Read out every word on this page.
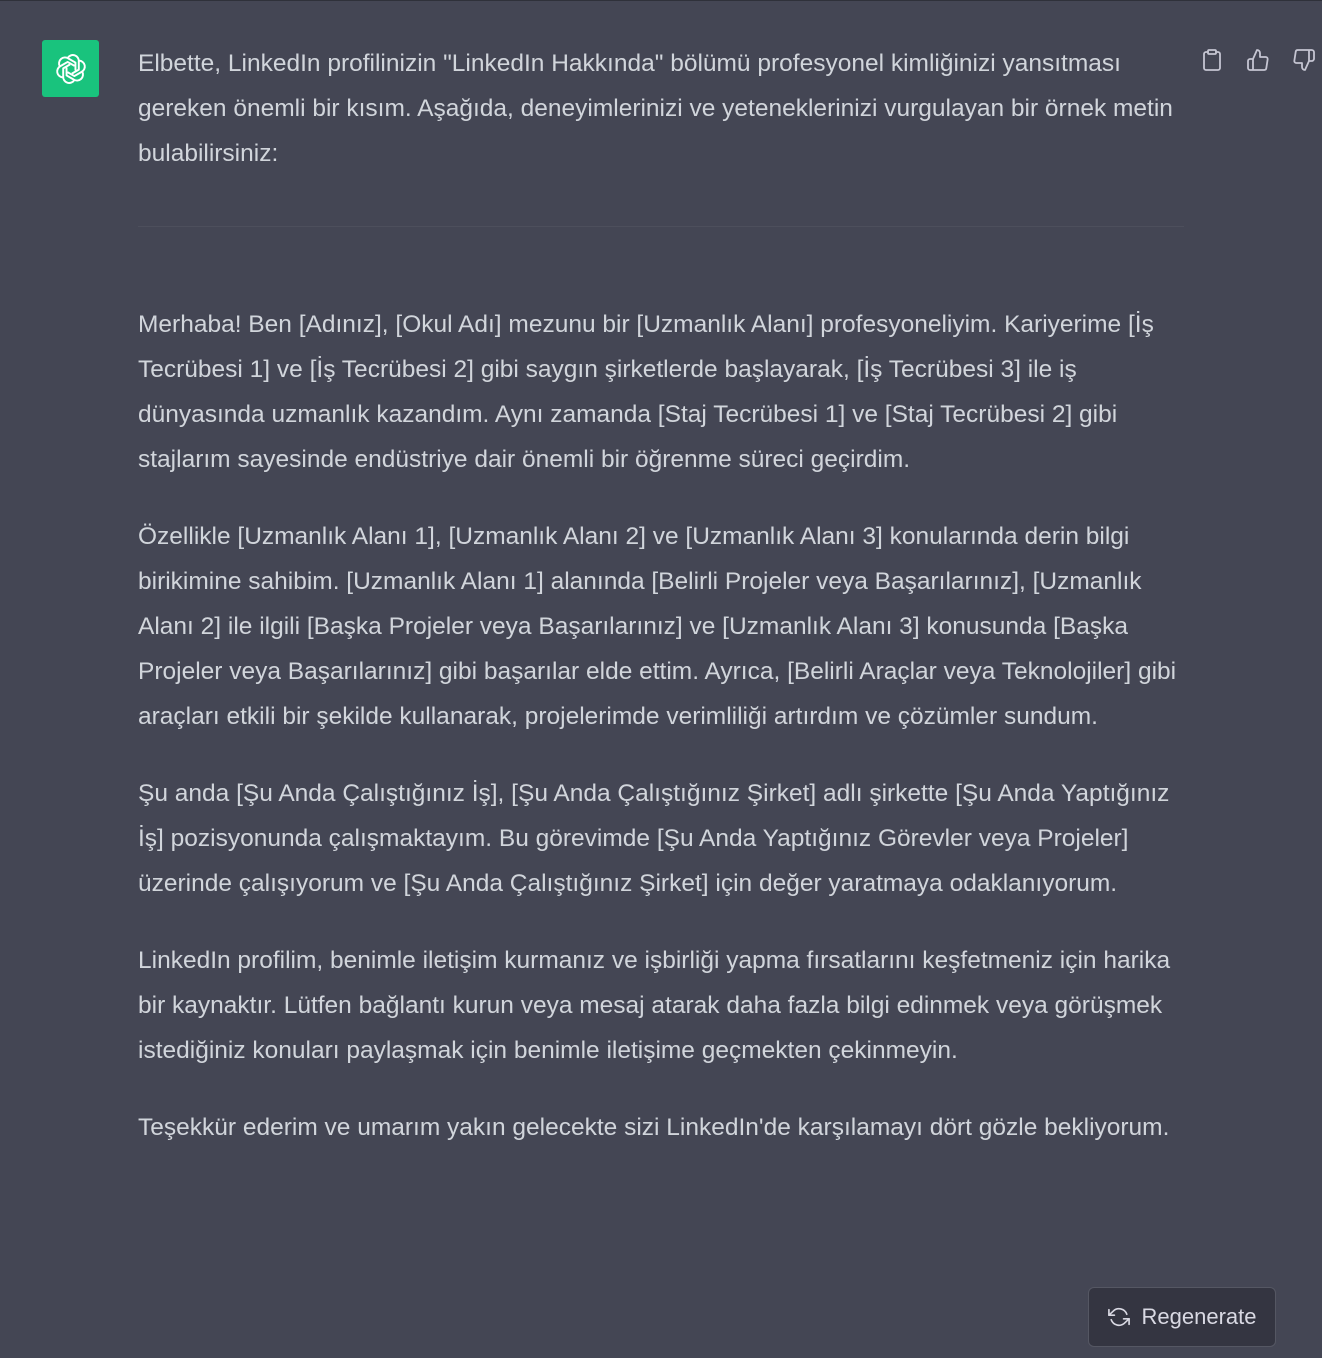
Elbette, LinkedIn profilinizin "LinkedIn Hakkında" bölümü profesyonel kimliğinizi yansıtması gereken önemli bir kısım. Aşağıda, deneyimlerinizi ve yeteneklerinizi vurgulayan bir örnek metin bulabilirsiniz:

Merhaba! Ben [Adınız], [Okul Adı] mezunu bir [Uzmanlık Alanı] profesyoneliyim. Kariyerime [İş Tecrübesi 1] ve [İş Tecrübesi 2] gibi saygın şirketlerde başlayarak, [İş Tecrübesi 3] ile iş dünyasında uzmanlık kazandım. Aynı zamanda [Staj Tecrübesi 1] ve [Staj Tecrübesi 2] gibi stajlarım sayesinde endüstriye dair önemli bir öğrenme süreci geçirdim.

Özellikle [Uzmanlık Alanı 1], [Uzmanlık Alanı 2] ve [Uzmanlık Alanı 3] konularında derin bilgi birikimine sahibim. [Uzmanlık Alanı 1] alanında [Belirli Projeler veya Başarılarınız], [Uzmanlık Alanı 2] ile ilgili [Başka Projeler veya Başarılarınız] ve [Uzmanlık Alanı 3] konusunda [Başka Projeler veya Başarılarınız] gibi başarılar elde ettim. Ayrıca, [Belirli Araçlar veya Teknolojiler] gibi araçları etkili bir şekilde kullanarak, projelerimde verimliliği artırdım ve çözümler sundum.

Şu anda [Şu Anda Çalıştığınız İş], [Şu Anda Çalıştığınız Şirket] adlı şirkette [Şu Anda Yaptığınız İş] pozisyonunda çalışmaktayım. Bu görevimde [Şu Anda Yaptığınız Görevler veya Projeler] üzerinde çalışıyorum ve [Şu Anda Çalıştığınız Şirket] için değer yaratmaya odaklanıyorum.

LinkedIn profilim, benimle iletişim kurmanız ve işbirliği yapma fırsatlarını keşfetmeniz için harika bir kaynaktır. Lütfen bağlantı kurun veya mesaj atarak daha fazla bilgi edinmek veya görüşmek istediğiniz konuları paylaşmak için benimle iletişime geçmekten çekinmeyin.

Teşekkür ederim ve umarım yakın gelecekte sizi LinkedIn'de karşılamayı dört gözle bekliyorum.

Regenerate
